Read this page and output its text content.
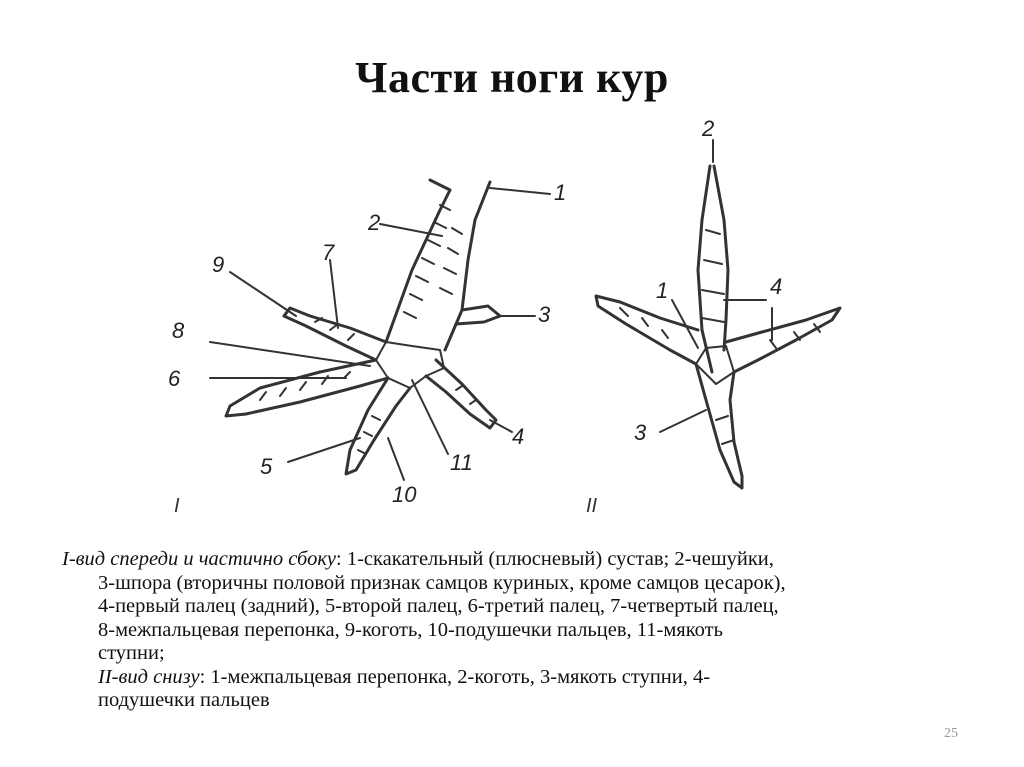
Части ноги кур
1
2
3
4
5
6
7
8
9
10
11
I
2
1	4
3
II
I-вид спереди и частично сбоку: 1-скакательный (плюсневый) сустав; 2-чешуйки,
3-шпора (вторичны половой признак самцов куриных, кроме самцов цесарок),
4-первый палец (задний), 5-второй палец, 6-третий палец, 7-четвертый палец,
8-межпальцевая перепонка, 9-коготь, 10-подушечки пальцев, 11-мякоть
ступни;
II-вид снизу: 1-межпальцевая перепонка, 2-коготь, 3-мякоть ступни, 4-
подушечки пальцев
25
